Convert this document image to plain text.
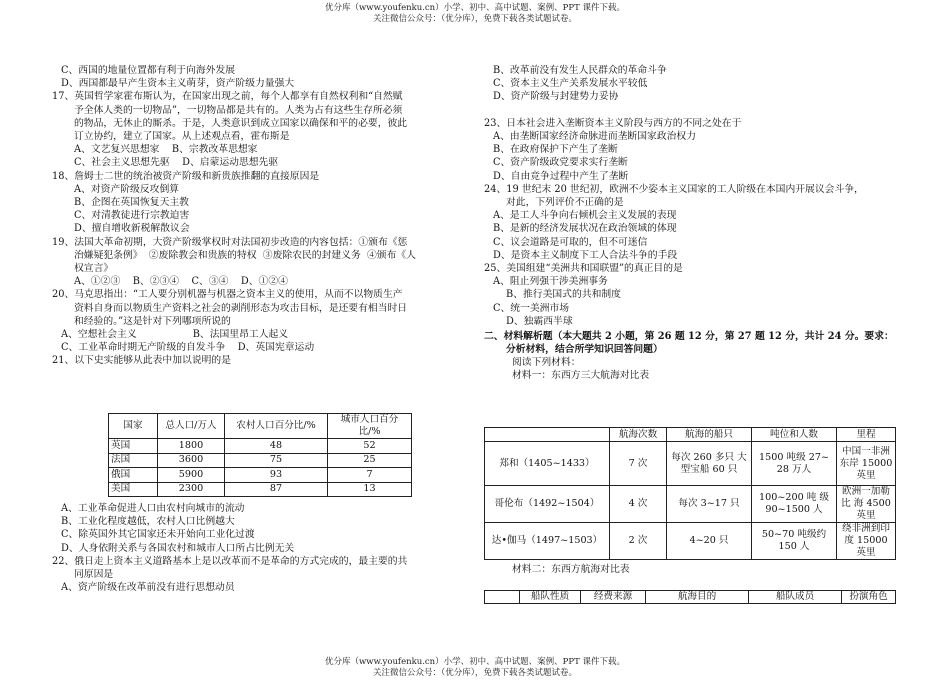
优分库（www.youfenku.cn）小学、初中、高中试题、案例、PPT 课件下载。
关注微信公众号：（优分库），免费下载各类试题试卷。

C、西国的地量位置都有利于向海外发展

D、西国都最早产生资本主义萌芽，资产阶级力量强大

17、英国哲学家霍布斯认为，在国家出现之前，每个人都享有自然权利和“自然赋

予全体人类的一切物品”，一切物品都是共有的。人类为占有这些生存所必须

的物品，无休止的厮杀。于是，人类意识到成立国家以确保和平的必要，彼此

订立协约，建立了国家。从上述观点看，霍布斯是

A、文艺复兴思想家    B、宗教改革思想家

C、社会主义思想先驱    D、启蒙运动思想先驱

18、詹姆士二世的统治被资产阶级和新贵族推翻的直接原因是

A、对资产阶级反攻倒算

B、企图在英国恢复天主教

C、对清教徒进行宗教迫害

D、擅自增收新税解散议会

19、法国大革命初期，大资产阶级掌权时对法国初步改造的内容包括：①颁布《惩

治嫌疑犯条例》  ②废除教会和贵族的特权  ③废除农民的封建义务  ④颁布《人

权宣言》

A、①②③    B、②③④    C、③④    D、①②④

20、马克思指出：“工人要分别机器与机器之资本主义的使用，从而不以物质生产

资料自身而以物质生产资料之社会的剥削形态为攻击目标，是还要有相当时日

和经验的。”这是针对下列哪项所说的

A、空想社会主义                  B、法国里昂工人起义

C、工业革命时期无产阶级的自发斗争    D、英国宪章运动

21、以下史实能够从此表中加以说明的是

国家	总人口/万人	农村人口百分比/%	城市人口百分比/%
英国	1800	48	52
法国	3600	75	25
俄国	5900	93	7
美国	2300	87	13

A、工业革命促进人口由农村向城市的流动

B、工业化程度越低，农村人口比例越大

C、除英国外其它国家还未开始向工业化过渡

D、人身依附关系与各国农村和城市人口所占比例无关

22、俄日走上资本主义道路基本上是以改革而不是革命的方式完成的，最主要的共

同原因是

A、资产阶级在改革前没有进行思想动员

B、改革前没有发生人民群众的革命斗争

C、资本主义生产关系发展水平较低

D、资产阶级与封建势力妥协

23、日本社会进入垄断资本主义阶段与西方的不同之处在于

A、由垄断国家经济命脉进而垄断国家政治权力

B、在政府保护下产生了垄断

C、资产阶级政党要求实行垄断

D、自由竞争过程中产生了垄断

24、19 世纪末 20 世纪初，欧洲不少姿本主义国家的工人阶级在本国内开展议会斗争，

对此，下列评价不正确的是

A、是工人斗争向右倾机会主义发展的表现

B、是新的经济发展状况在政治领域的体现

C、议会道路是可取的，但不可迷信

D、是资本主义制度下工人合法斗争的手段

25、美国组建“美洲共和国联盟”的真正目的是

A、阻止列强干涉美洲事务

B、推行美国式的共和制度

C、统一美洲市场

D、独霸西半球

二、材料解析题（本大题共 2 小题，第 26 题 12 分，第 27 题 12 分，共计 24 分。要求：

分析材料，结合所学知识回答问题）

阅读下列材料：

材料一：东西方三大航海对比表

	航海次数	航海的船只	吨位和人数	里程
郑和（1405~1433）	7 次	每次 260 多只 大型宝船 60 只	1500 吨级 27~ 28 万人	中国一非洲 东岸 15000 英里
哥伦布（1492~1504）	4 次	每次 3~17 只	100~200 吨 级 90~1500 人	欧洲一加勒比 海 4500 英里
达•伽马（1497~1503）	2 次	4~20 只	50~70 吨级约 150 人	绕非洲到印度 15000 英里
材料二：东西方航海对比表
	船队性质	经费来源	航海目的	船队成员	扮演角色
优分库（www.youfenku.cn）小学、初中、高中试题、案例、PPT 课件下载。
关注微信公众号：（优分库），免费下载各类试题试卷。
